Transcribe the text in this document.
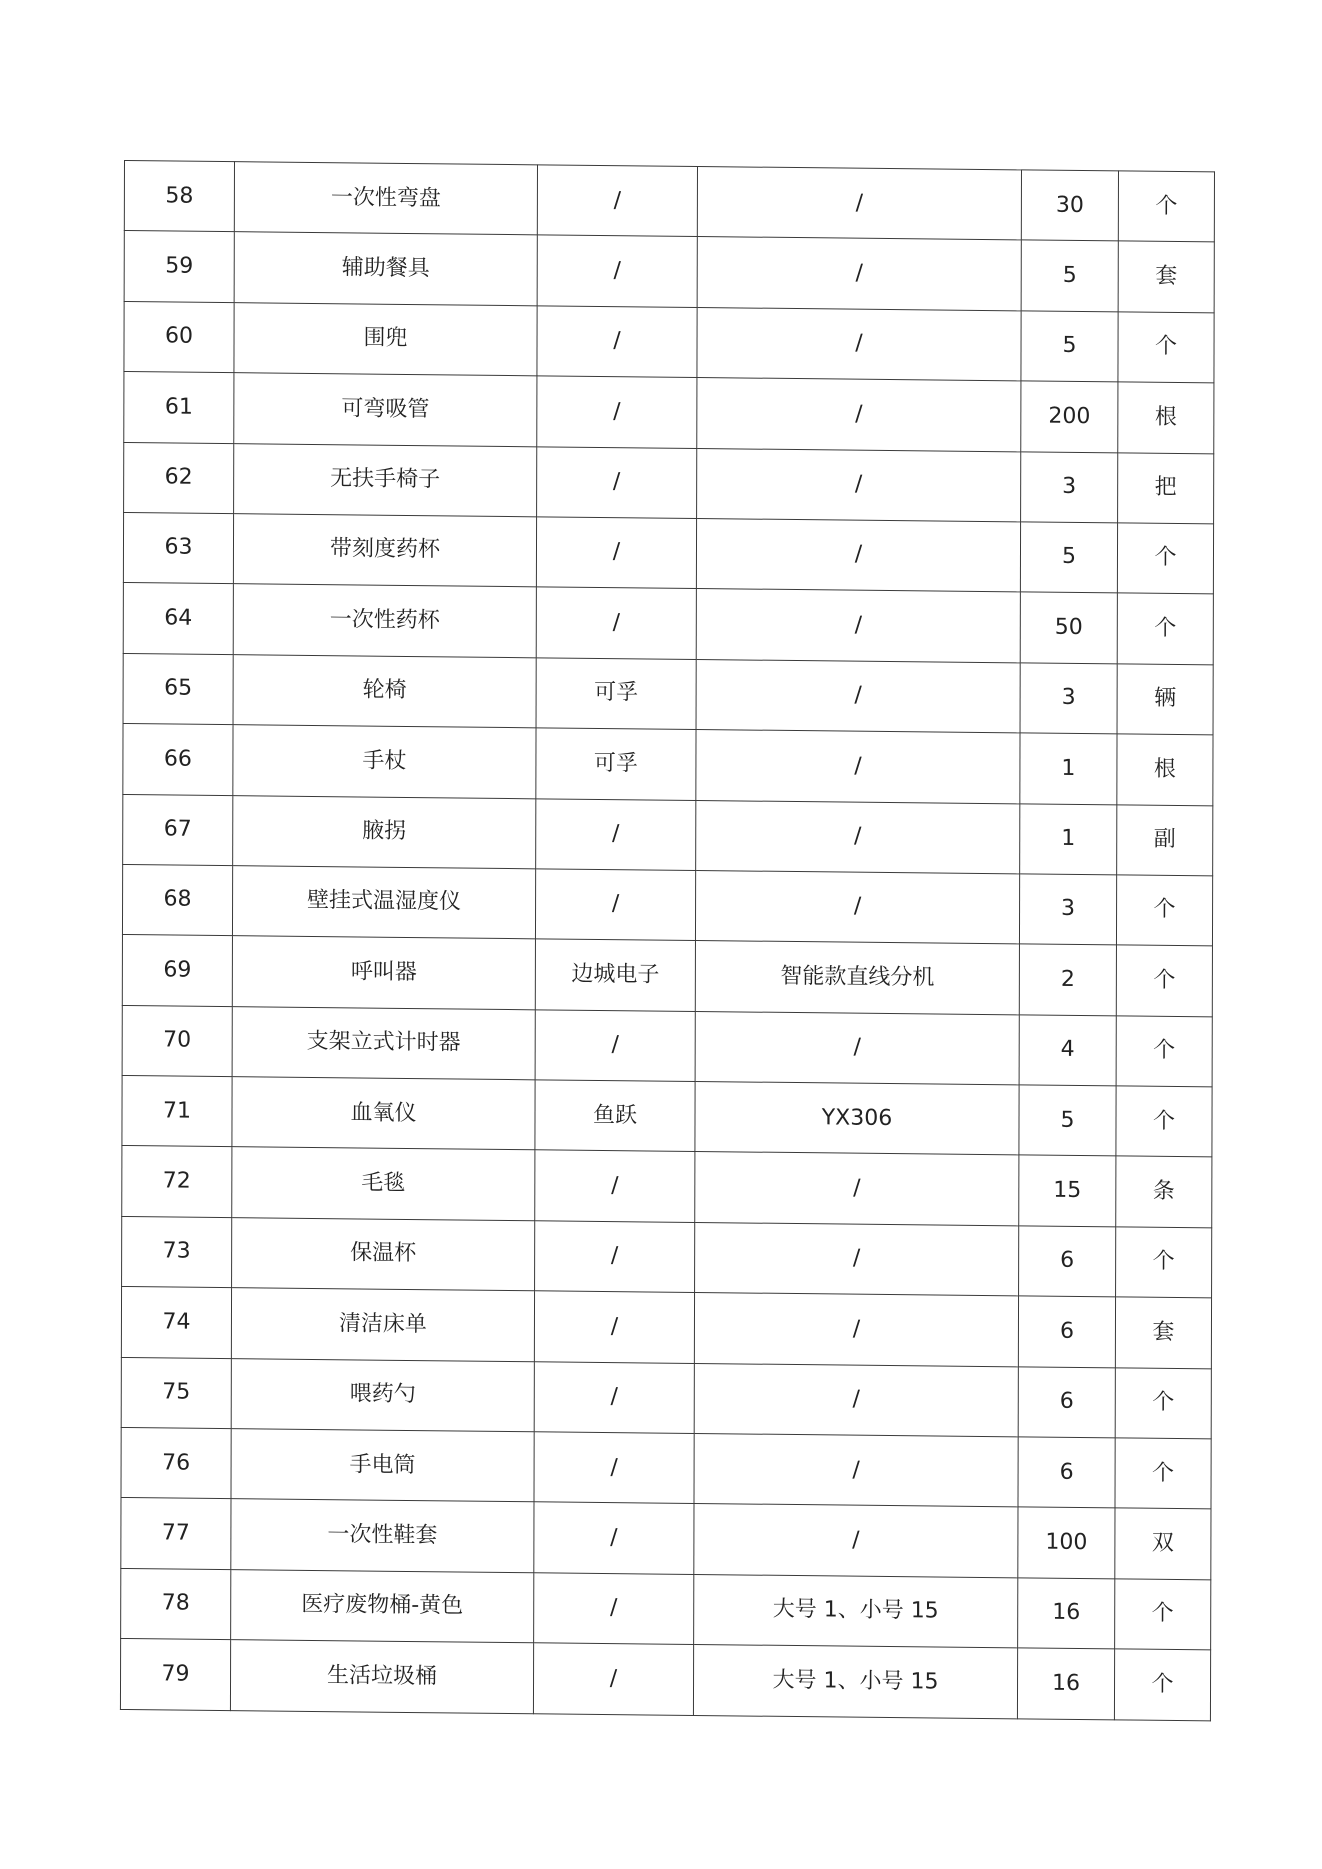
58	一次性弯盘	/	/	30	个
59	辅助餐具	/	/	5	套
60	围兜	/	/	5	个
61	可弯吸管	/	/	200	根
62	无扶手椅子	/	/	3	把
63	带刻度药杯	/	/	5	个
64	一次性药杯	/	/	50	个
65	轮椅	可孚	/	3	辆
66	手杖	可孚	/	1	根
67	腋拐	/	/	1	副
68	壁挂式温湿度仪	/	/	3	个
69	呼叫器	边城电子	智能款直线分机	2	个
70	支架立式计时器	/	/	4	个
71	血氧仪	鱼跃	YX306	5	个
72	毛毯	/	/	15	条
73	保温杯	/	/	6	个
74	清洁床单	/	/	6	套
75	喂药勺	/	/	6	个
76	手电筒	/	/	6	个
77	一次性鞋套	/	/	100	双
78	医疗废物桶-黄色	/	大号 1、小号 15	16	个
79	生活垃圾桶	/	大号 1、小号 15	16	个
